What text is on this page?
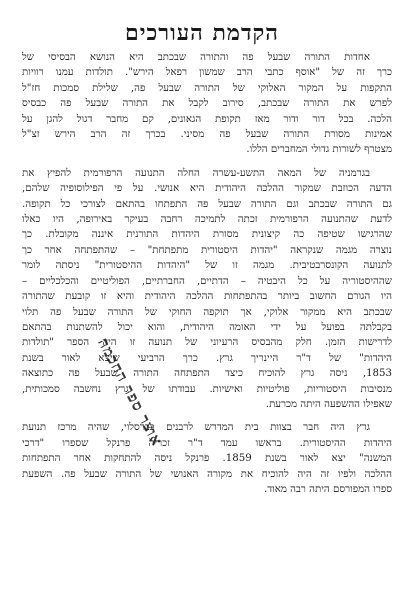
הקדמת העורכים
אחדות התורה שבעל פה והתורה שבכתב היא הנושא הבסיסי של
כרך זה של "אוסף כתבי הרב שמשון רפאל הירש". תולדות עמנו רוויות
התקפות על המקור האלוקי של התורה שבעל פה, שלילת סמכות חז"ל
לפרש את התורה שבכתב, סירוב לקבל את התורה שבעל פה כבסיס
הלכה. בכל דור ודור מאז תקופת הגאונים, קם מחבר דגול להגן על
אמינות מסורת התורה שבעל פה מסיני. בכרך זה הרב הירש זצ"ל
מצטרף לשורות גדולי המחברים הללו.
בגרמניה של המאה התשע-עשרה החלה התנועה הרפורמית להפיץ את
הדעה הכוזבת שמקור ההלכה היהודית היא אנושי. על פי הפילוסופיה שלהם,
גם התורה שבכתב וגם התורה שבעל פה התפתחו בהתאם לצורכי כל תקופה.
לדעת שהתנועה הרפורמית זכתה לתמיכה רחבה בעיקר באירופה, היו כאלו
שהרגישו שטיפה כה קיצונית מסורת היהדות התורנית איננה מקובלת. כך
נוצרה מגמה שנקראה "יהדות היסטורית מתפתחת" – שהתפתחה אחר כך
לתנועה הקונסרבטיבית. מגמה זו של "היהדות ההיסטורית" ניסתה לומר
שההיסטוריה על כל היבטיה – הדתיים, החברתיים, הפוליטיים והכלכליים –
היו הגורם החשוב ביותר בהתפתחות ההלכה היהודית והיא זו קובעת שהתורה
שבכתב היא ממקור אלוקי, אך תוקפה החוקי של התורה שבעל פה תלוי
בקבלתה בפועל על ידי האומה היהודית, והוא יכול להשתנות בהתאם
לדרישות הזמן. חלק מהבסיס הרעיוני של תנועה זו היה הספר "תולדות
היהדות" של ד"ר היינריך גרץ. כרך הרביעי שיצא לאור בשנת
1853, ניסה גרץ להוכיח כיצד התפתחה התורה שבעל פה כתוצאה
מנסיבות היסטוריות, פוליטיות ואישיות. עבודתו של גרץ נחשבה סמכותית,
שאפילו ההשפעה היתה מכרעת.
גרץ היה חבר בצוות בית המדרש לרבנים בברסלוי, שהיה מרכז תנועת
היהדות ההיסטורית. בראשו עמד ד"ר זכריה פרנקל שספרו "דרכי
המשנה" יצא לאור בשנת 1859. פרנקל ניסה להתחקות אחר התפתחות
ההלכה ולפיו זה היה להוכיח את מקורה האנושי של התורה שבעל פה. השפעת
ספרו המפורסם היתה רבה מאוד.
אוצר ספר החכמה
